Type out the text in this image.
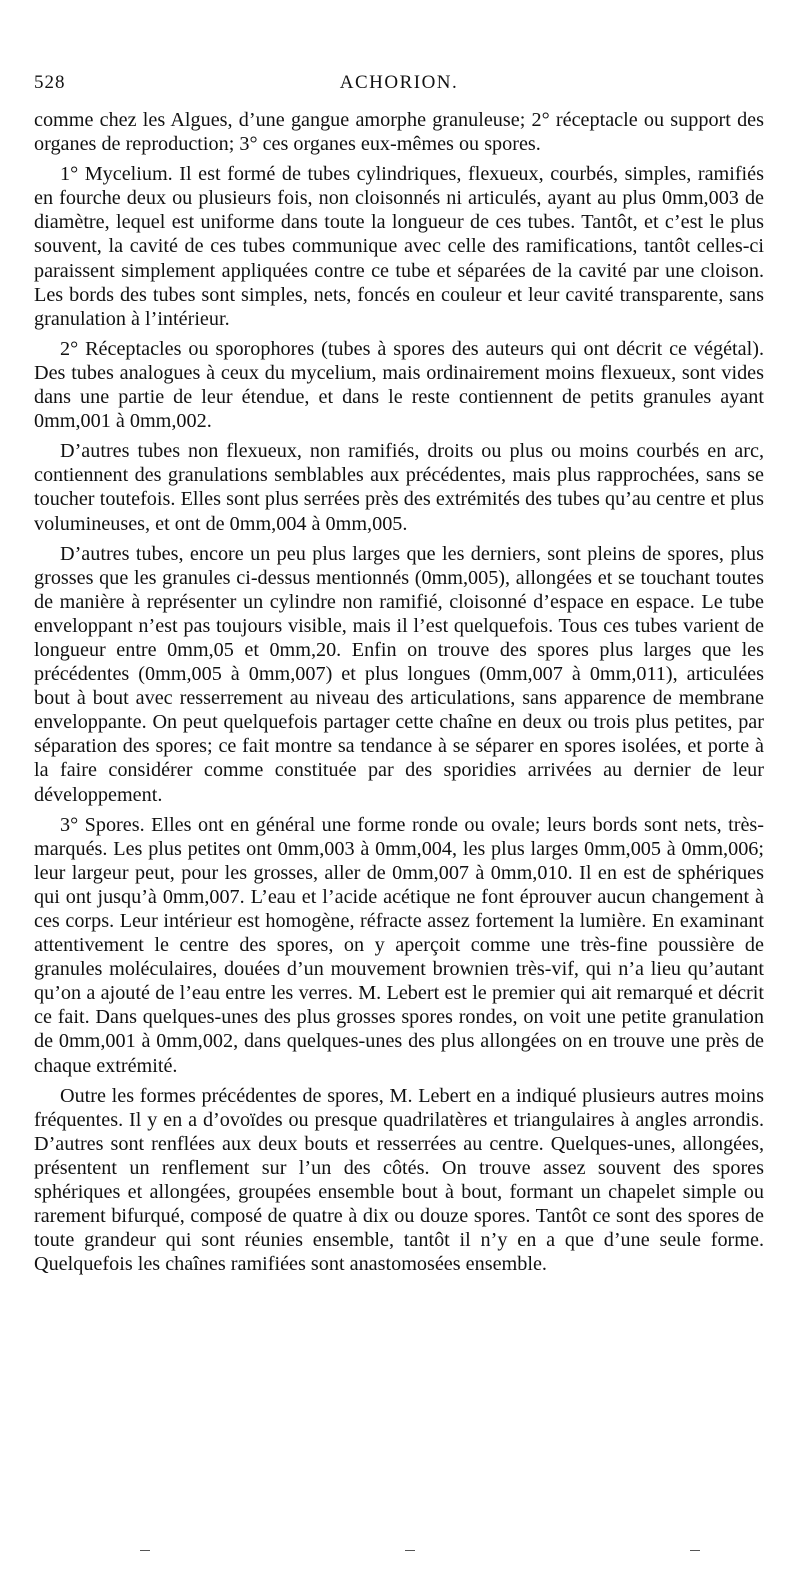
528	ACHORION.

comme chez les Algues, d’une gangue amorphe granuleuse; 2° réceptacle ou support des organes de reproduction; 3° ces organes eux-mêmes ou spores.

1° Mycelium. Il est formé de tubes cylindriques, flexueux, courbés, simples, ramifiés en fourche deux ou plusieurs fois, non cloisonnés ni articulés, ayant au plus 0mm,003 de diamètre, lequel est uniforme dans toute la longueur de ces tubes. Tantôt, et c’est le plus souvent, la cavité de ces tubes communique avec celle des ramifications, tantôt celles-ci paraissent simplement appliquées contre ce tube et séparées de la cavité par une cloison. Les bords des tubes sont simples, nets, foncés en couleur et leur cavité transparente, sans granulation à l’intérieur.

2° Réceptacles ou sporophores (tubes à spores des auteurs qui ont décrit ce végétal). Des tubes analogues à ceux du mycelium, mais ordinairement moins flexueux, sont vides dans une partie de leur étendue, et dans le reste contiennent de petits granules ayant 0mm,001 à 0mm,002.

D’autres tubes non flexueux, non ramifiés, droits ou plus ou moins courbés en arc, contiennent des granulations semblables aux précédentes, mais plus rapprochées, sans se toucher toutefois. Elles sont plus serrées près des extrémités des tubes qu’au centre et plus volumineuses, et ont de 0mm,004 à 0mm,005.

D’autres tubes, encore un peu plus larges que les derniers, sont pleins de spores, plus grosses que les granules ci-dessus mentionnés (0mm,005), allongées et se touchant toutes de manière à représenter un cylindre non ramifié, cloisonné d’espace en espace. Le tube enveloppant n’est pas toujours visible, mais il l’est quelquefois. Tous ces tubes varient de longueur entre 0mm,05 et 0mm,20. Enfin on trouve des spores plus larges que les précédentes (0mm,005 à 0mm,007) et plus longues (0mm,007 à 0mm,011), articulées bout à bout avec resserrement au niveau des articulations, sans apparence de membrane enveloppante. On peut quelquefois partager cette chaîne en deux ou trois plus petites, par séparation des spores; ce fait montre sa tendance à se séparer en spores isolées, et porte à la faire considérer comme constituée par des sporidies arrivées au dernier de leur développement.

3° Spores. Elles ont en général une forme ronde ou ovale; leurs bords sont nets, très-marqués. Les plus petites ont 0mm,003 à 0mm,004, les plus larges 0mm,005 à 0mm,006; leur largeur peut, pour les grosses, aller de 0mm,007 à 0mm,010. Il en est de sphériques qui ont jusqu’à 0mm,007. L’eau et l’acide acétique ne font éprouver aucun changement à ces corps. Leur intérieur est homogène, réfracte assez fortement la lumière. En examinant attentivement le centre des spores, on y aperçoit comme une très-fine poussière de granules moléculaires, douées d’un mouvement brownien très-vif, qui n’a lieu qu’autant qu’on a ajouté de l’eau entre les verres. M. Lebert est le premier qui ait remarqué et décrit ce fait. Dans quelques-unes des plus grosses spores rondes, on voit une petite granulation de 0mm,001 à 0mm,002, dans quelques-unes des plus allongées on en trouve une près de chaque extrémité.

Outre les formes précédentes de spores, M. Lebert en a indiqué plusieurs autres moins fréquentes. Il y en a d’ovoïdes ou presque quadrilatères et triangulaires à angles arrondis. D’autres sont renflées aux deux bouts et resserrées au centre. Quelques-unes, allongées, présentent un renflement sur l’un des côtés. On trouve assez souvent des spores sphériques et allongées, groupées ensemble bout à bout, formant un chapelet simple ou rarement bifurqué, composé de quatre à dix ou douze spores. Tantôt ce sont des spores de toute grandeur qui sont réunies ensemble, tantôt il n’y en a que d’une seule forme. Quelquefois les chaînes ramifiées sont anastomosées ensemble.
